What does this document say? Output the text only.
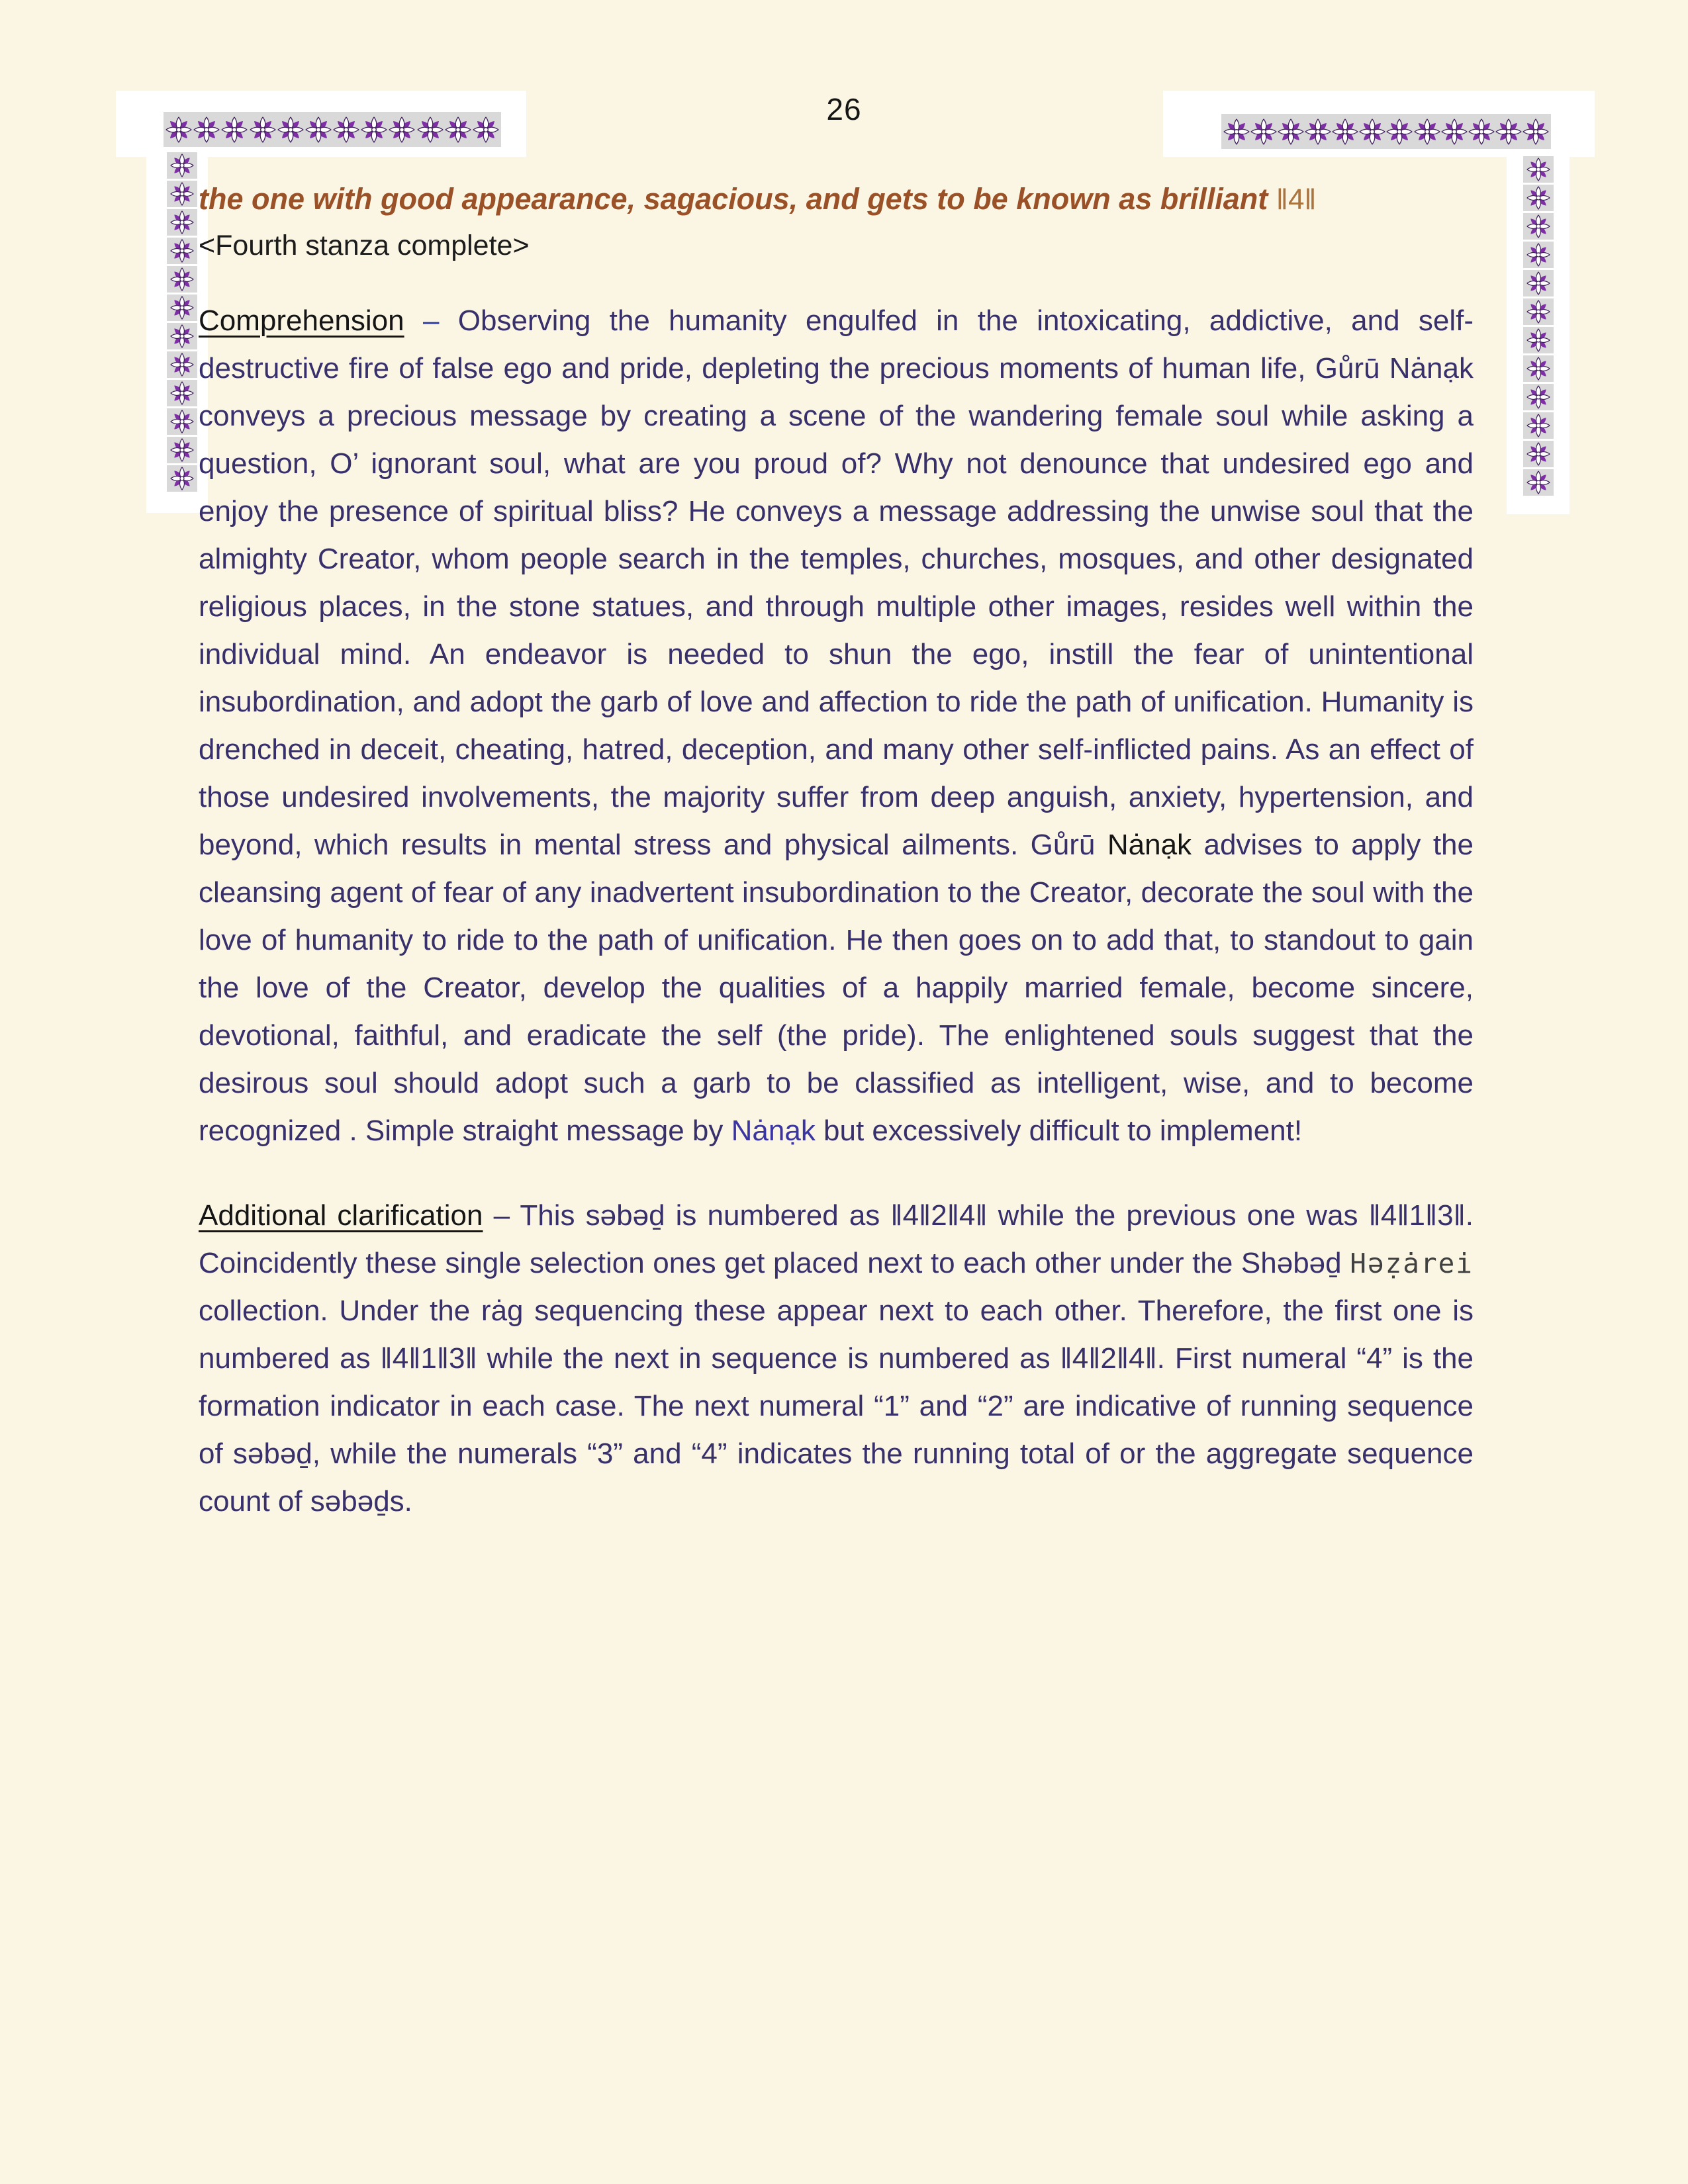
26
the one with good appearance, sagacious, and gets to be known as brilliant ‖4‖
<Fourth stanza complete>

Comprehension – Observing the humanity engulfed in the intoxicating, addictive, and self-destructive fire of false ego and pride, depleting the precious moments of human life, Gůrū Nȧnạk conveys a precious message by creating a scene of the wandering female soul while asking a question, O’ ignorant soul, what are you proud of? Why not denounce that undesired ego and enjoy the presence of spiritual bliss? He conveys a message addressing the unwise soul that the almighty Creator, whom people search in the temples, churches, mosques, and other designated religious places, in the stone statues, and through multiple other images, resides well within the individual mind. An endeavor is needed to shun the ego, instill the fear of unintentional insubordination, and adopt the garb of love and affection to ride the path of unification. Humanity is drenched in deceit, cheating, hatred, deception, and many other self-inflicted pains. As an effect of those undesired involvements, the majority suffer from deep anguish, anxiety, hypertension, and beyond, which results in mental stress and physical ailments. Gůrū Nȧnạk advises to apply the cleansing agent of fear of any inadvertent insubordination to the Creator, decorate the soul with the love of humanity to ride to the path of unification. He then goes on to add that, to standout to gain the love of the Creator, develop the qualities of a happily married female, become sincere, devotional, faithful, and eradicate the self (the pride). The enlightened souls suggest that the desirous soul should adopt such a garb to be classified as intelligent, wise, and to become recognized . Simple straight message by Nȧnạk but excessively difficult to implement!

Additional clarification – This səbəḏ is numbered as ‖4‖2‖4‖ while the previous one was ‖4‖1‖3‖. Coincidently these single selection ones get placed next to each other under the Shəbəḏ Həẓȧrei collection. Under the rȧg sequencing these appear next to each other. Therefore, the first one is numbered as ‖4‖1‖3‖ while the next in sequence is numbered as ‖4‖2‖4‖. First numeral “4” is the formation indicator in each case. The next numeral “1” and “2” are indicative of running sequence of səbəḏ, while the numerals “3” and “4” indicates the running total of or the aggregate sequence count of səbəḏs.
